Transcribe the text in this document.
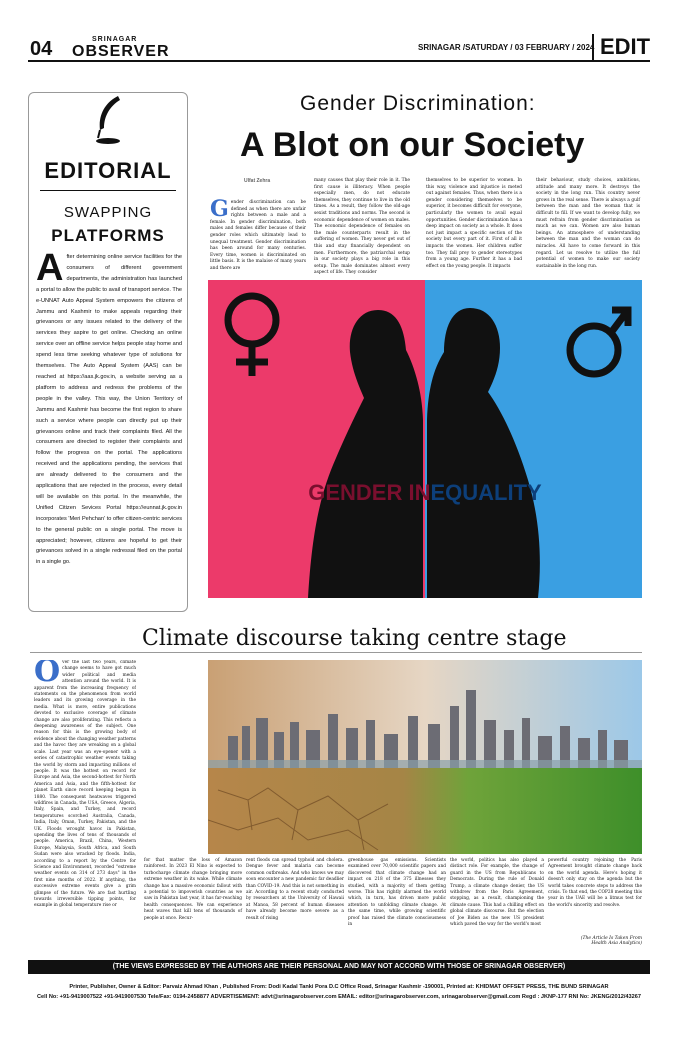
04	SRINAGAR
OBSERVER	SRINAGAR /SATURDAY / 03 FEBRUARY / 2024 EDIT
EDITORIAL
SWAPPING
PLATFORMS
A fter determining online service facilities for the consumers of different government departments, the administration has launched a portal to allow the public to avail of transport service. The e-UNNAT Auto Appeal System empowers the citizens of Jammu and Kashmir to make appeals regarding their grievances or any issues related to the delivery of the services they aspire to get online. Checking an online service over an offline service helps people stay home and spend less time seeking whatever type of solutions for themselves. The Auto Appeal System (AAS) can be reached at https://aas.jk.gov.in, a website serving as a platform to address and redress the problems of the people in the valley. This way, the Union Territory of Jammu and Kashmir has become the first region to share such a service where people can directly put up their grievances online and track their complaints filed. All the consumers are directed to register their complaints and follow the progress on the portal. The applications received and the applications pending, the services that are already delivered to the consumers and the applications that are rejected in the process, every detail will be available on this portal. In the meanwhile, the Unified Citizen Sevices Portal https://eunnat.jk.gov.in incorporates 'Meri Pehchan' to offer citizen-centric services to the general public on a single portal. The move is appreciated; however, citizens are hopeful to get their grievances solved in a single redressal filed on the portal in a single go.
Gender Discrimination:
A Blot on our Society
Ulfat Zehra
G ender discrimination can be defined as when there are unfair rights between a male and a female. In gender discrimination, both males and females differ because of their gender roles which ultimately lead to unequal treatment. Gender discrimination has been around for many centuries. Every time, women is discriminated on little basis. It is the malaise of many years and there are
many causes that play their role in it. The first cause is illiteracy. When people especially men, do not educate themselves, they continue to live in the old times. As a result, they follow the old-age sexist traditions and norms. The second is economic dependence of women on males. The economic dependence of females on the male counterparts result in the suffering of women. They never get out of this and stay financially dependent on men. Furthermore, the patriarchal setup in our society plays a big role in this setup. The male dominates almost every aspect of life. They consider
themselves to be superior to women. In this way, violence and injustice is meted out against females. Thus, when there is a gender considering themselves to be superior, it becomes difficult for everyone, particularly the women to avail equal opportunities. Gender discrimination has a deep impact on society as a whole. It does not just impact a specific section of the society but every part of it. First of all it impacts the women. Her children suffer too. They fall prey to gender stereotypes from a young age. Further it has a bad effect on the young people. It impacts
their behaviour, study choices, ambitions, attitude and many more. It destroys the society in the long run. This country never grows in the real sense. There is always a gulf between the man and the woman that is difficult to fill. If we want to develop fully, we must refrain from gender discrimination as much as we can. Women are also human beings. An atmosphere of understanding between the man and the woman can do miracles. All have to come forward in this regard. Let us resolve to utilize the full potential of women to make our society sustainable in the long run.
GENDER INEQUALITY
Climate discourse taking centre stage
O ver the last two years, climate change seems to have got much wider political and media attention around the world. It is apparent from the increasing frequency of statements on the phenomenon from world leaders and its growing coverage in the media. What is more, entire publications devoted to exclusive coverage of climate change are also proliferating. This reflects a deepening awareness of the subject. One reason for this is the growing body of evidence about the changing weather patterns and the havoc they are wreaking on a global scale. Last year was an eye-opener with a series of catastrophic weather events taking the world by storm and impacting millions of people. It was the hottest on record for Europe and Asia, the second-hottest for North America and Asia, and the fifth-hottest for planet Earth since record keeping began in 1880. The consequent heatwaves triggered wildfires in Canada, the USA, Greece, Algeria, Italy, Spain, and Turkey, and record temperatures scorched Australia, Canada, India, Italy, Oman, Turkey, Pakistan, and the UK. Floods wrought havoc in Pakistan, upending the lives of tens of thousands of people. America, Brazil, China, Western Europe, Malaysia, South Africa, and South Sudan were also wracked by floods. India, according to a report by the Centre for Science and Environment, recorded "extreme weather events on 314 of 273 days" in the first nine months of 2022. If anything, the successive extreme events give a grim glimpse of the future. We are fast hurtling towards irreversible tipping points, for example in global temperature rise or
for that matter the loss of Amazon rainforest. In 2023 El Nino is expected to turbocharge climate change bringing more extreme weather in its wake. While climate change has a massive economic fallout with a potential to impoverish countries as we saw in Pakistan last year, it has far-reaching health consequences. We can experience heat waves that kill tens of thousands of people at once. Recur-
rent floods can spread typhoid and cholera. Dengue fever and malaria can become common outbreaks. And who knows we may soon encounter a new pandemic far deadlier than COVID-19. And this is not something in air. According to a recent study conducted by researchers at the University of Hawaii at Manoa, 58 percent of human diseases have already become more severe as a result of rising
greenhouse gas emissions. Scientists examined over 70,000 scientific papers and discovered that climate change had an impact on 218 of the 375 illnesses they studied, with a majority of them getting worse. This has rightly alarmed the world which, in turn, has driven more public attention to unfolding climate change. At the same time, while growing scientific proof has raised the climate consciousness in
the world, politics has also played a distinct role. For example, the change of guard in the US from Republicans to Democrats. During the rule of Donald Trump, a climate change denier, the US withdrew from the Paris Agreement, stopping, as a result, championing the climate cause. This had a chilling effect on global climate discourse. But the election of Joe Biden as the new US president which paved the way for the world's most
powerful country rejoining the Paris Agreement brought climate change back on the world agenda. Here's hoping it doesn't only stay on the agenda but the world takes concrete steps to address the crisis. To that end, the COP28 meeting this year in the UAE will be a litmus test for the world's sincerity and resolve.
(The Article Is Taken From Health Asia Analytics)
(THE VIEWS EXPRESSED BY THE AUTHORS ARE THEIR PERSONAL AND MAY NOT ACCORD WITH THOSE OF SRINAGAR OBSERVER)
Printer, Publisher, Owner & Editor: Parvaiz Ahmad Khan , Published From: Dodi Kadal Tanki Pora D.C Office Road, Srinagar Kashmir -190001, Printed at: KHIDMAT OFFSET PRESS, THE BUND SRINAGAR
Cell No: +91-9419007522 +91-9419007530 Tele/Fax: 0194-2458877 ADVERTISEMENT: advt@srinagarobserver.com EMAIL: editor@srinagarobserver.com, srinagarobserver@gmail.com Regd : JKNP-177 RNI No: JKENG/2012/43267
